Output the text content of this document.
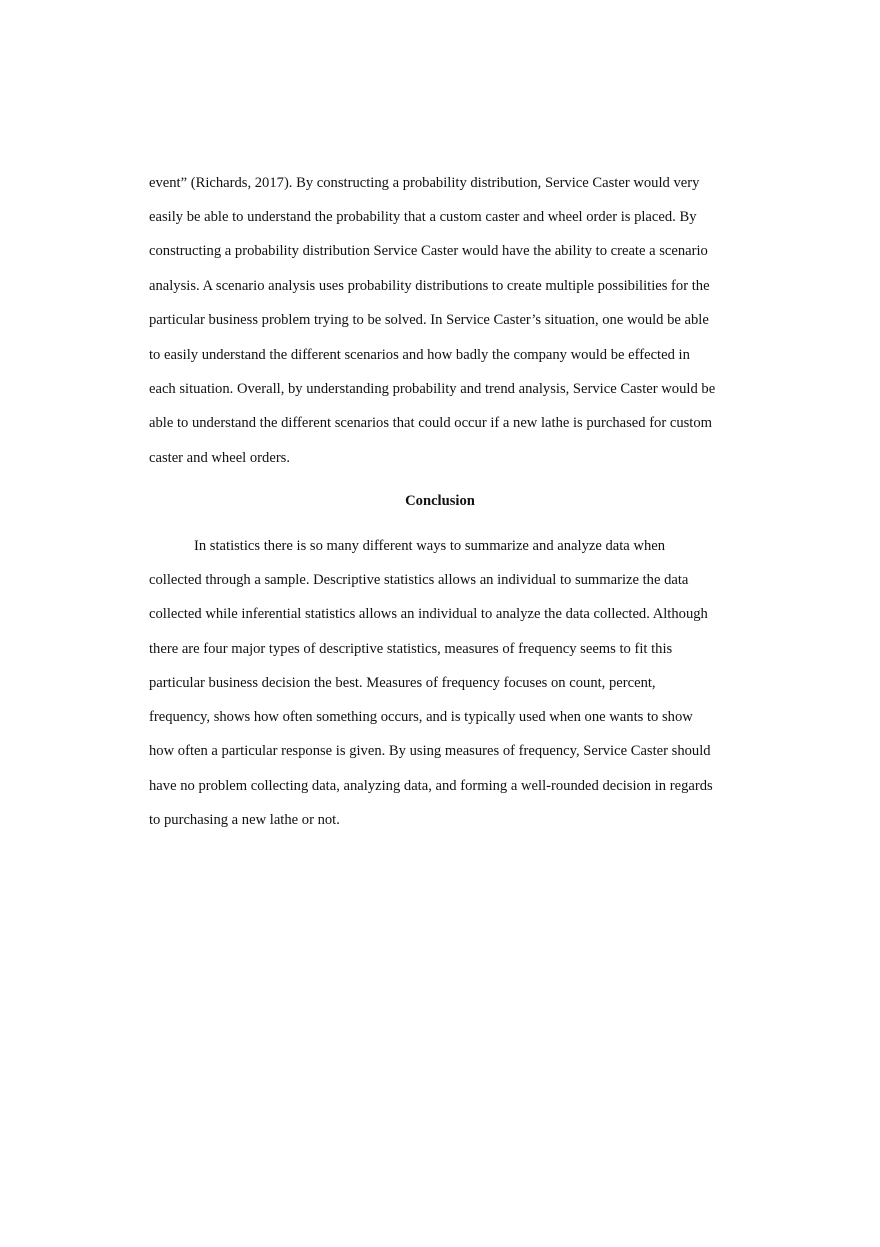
event” (Richards, 2017). By constructing a probability distribution, Service Caster would very
easily be able to understand the probability that a custom caster and wheel order is placed. By
constructing a probability distribution Service Caster would have the ability to create a scenario
analysis. A scenario analysis uses probability distributions to create multiple possibilities for the
particular business problem trying to be solved. In Service Caster’s situation, one would be able
to easily understand the different scenarios and how badly the company would be effected in
each situation. Overall, by understanding probability and trend analysis, Service Caster would be
able to understand the different scenarios that could occur if a new lathe is purchased for custom
caster and wheel orders.
Conclusion
In statistics there is so many different ways to summarize and analyze data when
collected through a sample. Descriptive statistics allows an individual to summarize the data
collected while inferential statistics allows an individual to analyze the data collected. Although
there are four major types of descriptive statistics, measures of frequency seems to fit this
particular business decision the best. Measures of frequency focuses on count, percent,
frequency, shows how often something occurs, and is typically used when one wants to show
how often a particular response is given. By using measures of frequency, Service Caster should
have no problem collecting data, analyzing data, and forming a well-rounded decision in regards
to purchasing a new lathe or not.
